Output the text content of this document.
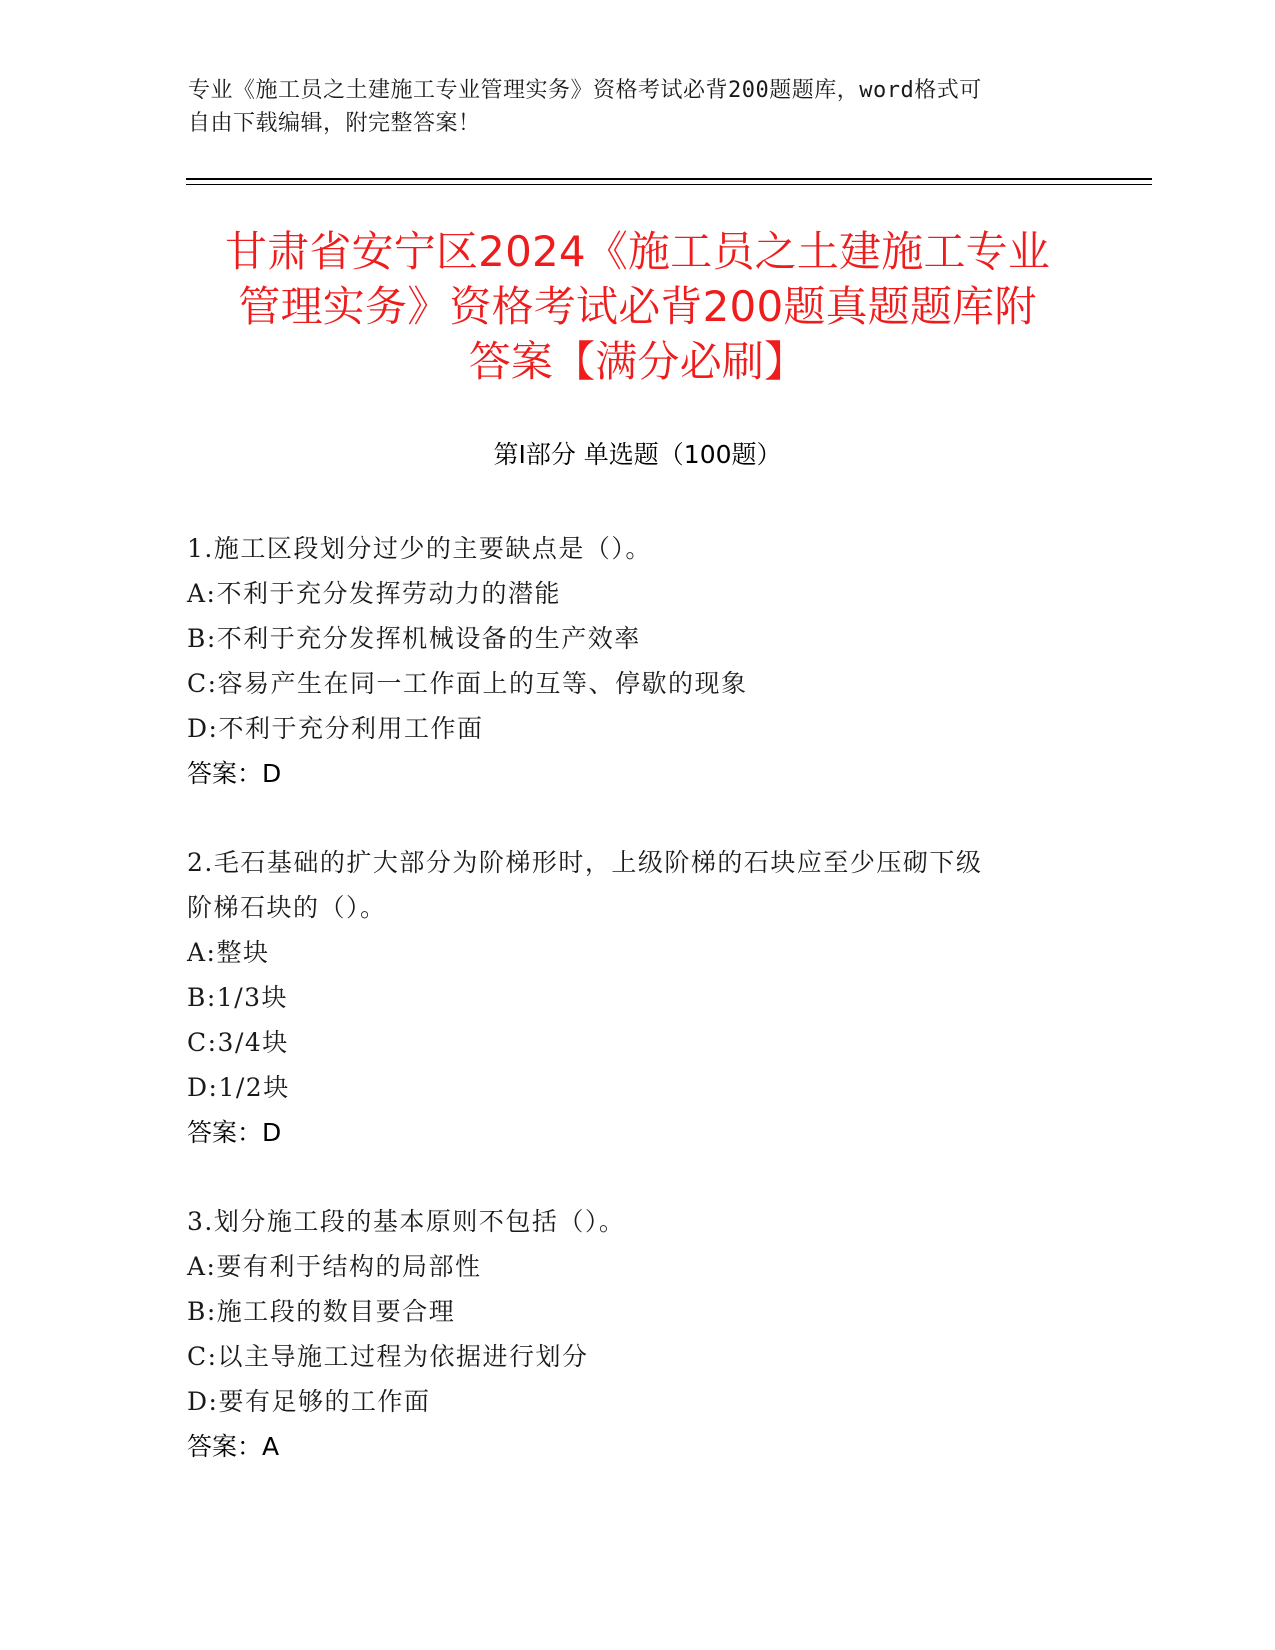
专业《施工员之土建施工专业管理实务》资格考试必背200题题库，word格式可
自由下载编辑，附完整答案！
甘肃省安宁区2024《施工员之土建施工专业
管理实务》资格考试必背200题真题题库附
答案【满分必刷】
第Ⅰ部分 单选题（100题）
1.施工区段划分过少的主要缺点是（）。
A:不利于充分发挥劳动力的潜能
B:不利于充分发挥机械设备的生产效率
C:容易产生在同一工作面上的互等、停歇的现象
D:不利于充分利用工作面
答案：D
2.毛石基础的扩大部分为阶梯形时，上级阶梯的石块应至少压砌下级
阶梯石块的（）。
A:整块
B:1/3块
C:3/4块
D:1/2块
答案：D
3.划分施工段的基本原则不包括（）。
A:要有利于结构的局部性
B:施工段的数目要合理
C:以主导施工过程为依据进行划分
D:要有足够的工作面
答案：A
